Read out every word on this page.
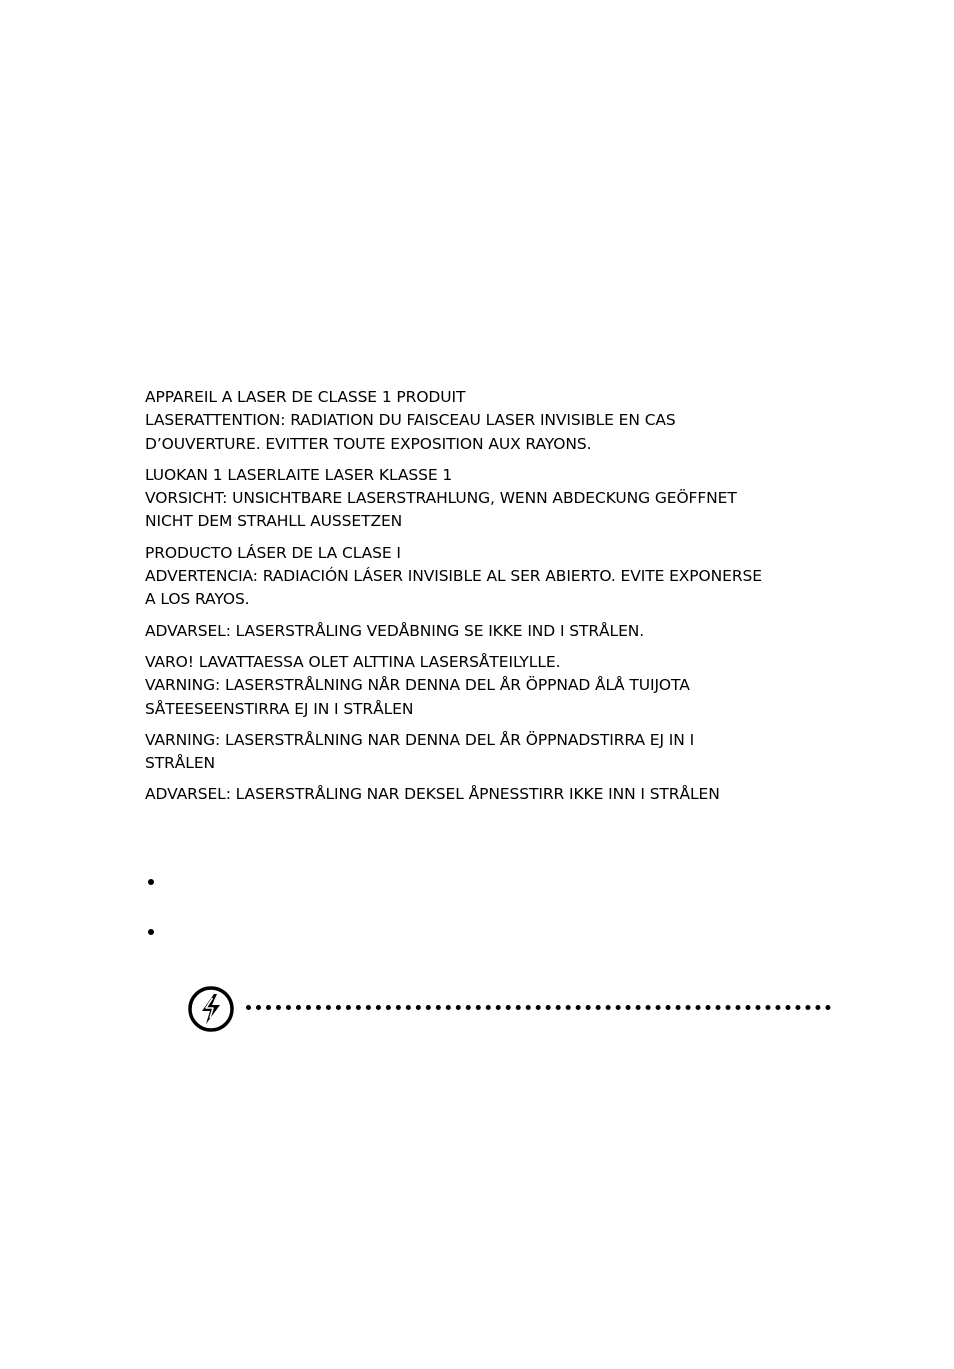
APPAREIL A LASER DE CLASSE 1 PRODUIT
LASERATTENTION: RADIATION DU FAISCEAU LASER INVISIBLE EN CAS
D’OUVERTURE. EVITTER TOUTE EXPOSITION AUX RAYONS.
LUOKAN 1 LASERLAITE LASER KLASSE 1
VORSICHT: UNSICHTBARE LASERSTRAHLUNG, WENN ABDECKUNG GEÖFFNET
NICHT DEM STRAHLL AUSSETZEN
PRODUCTO LÁSER DE LA CLASE I
ADVERTENCIA: RADIACIÓN LÁSER INVISIBLE AL SER ABIERTO. EVITE EXPONERSE
A LOS RAYOS.
ADVARSEL: LASERSTRÅLING VEDÅBNING SE IKKE IND I STRÅLEN.
VARO! LAVATTAESSA OLET ALTTINA LASERSÅTEILYLLE.
VARNING: LASERSTRÅLNING NÅR DENNA DEL ÅR ÖPPNAD ÅLÅ TUIJOTA
SÅTEESEENSTIRRA EJ IN I STRÅLEN
VARNING: LASERSTRÅLNING NAR DENNA DEL ÅR ÖPPNADSTIRRA EJ IN I
STRÅLEN
ADVARSEL: LASERSTRÅLING NAR DEKSEL ÅPNESSTIRR IKKE INN I STRÅLEN
